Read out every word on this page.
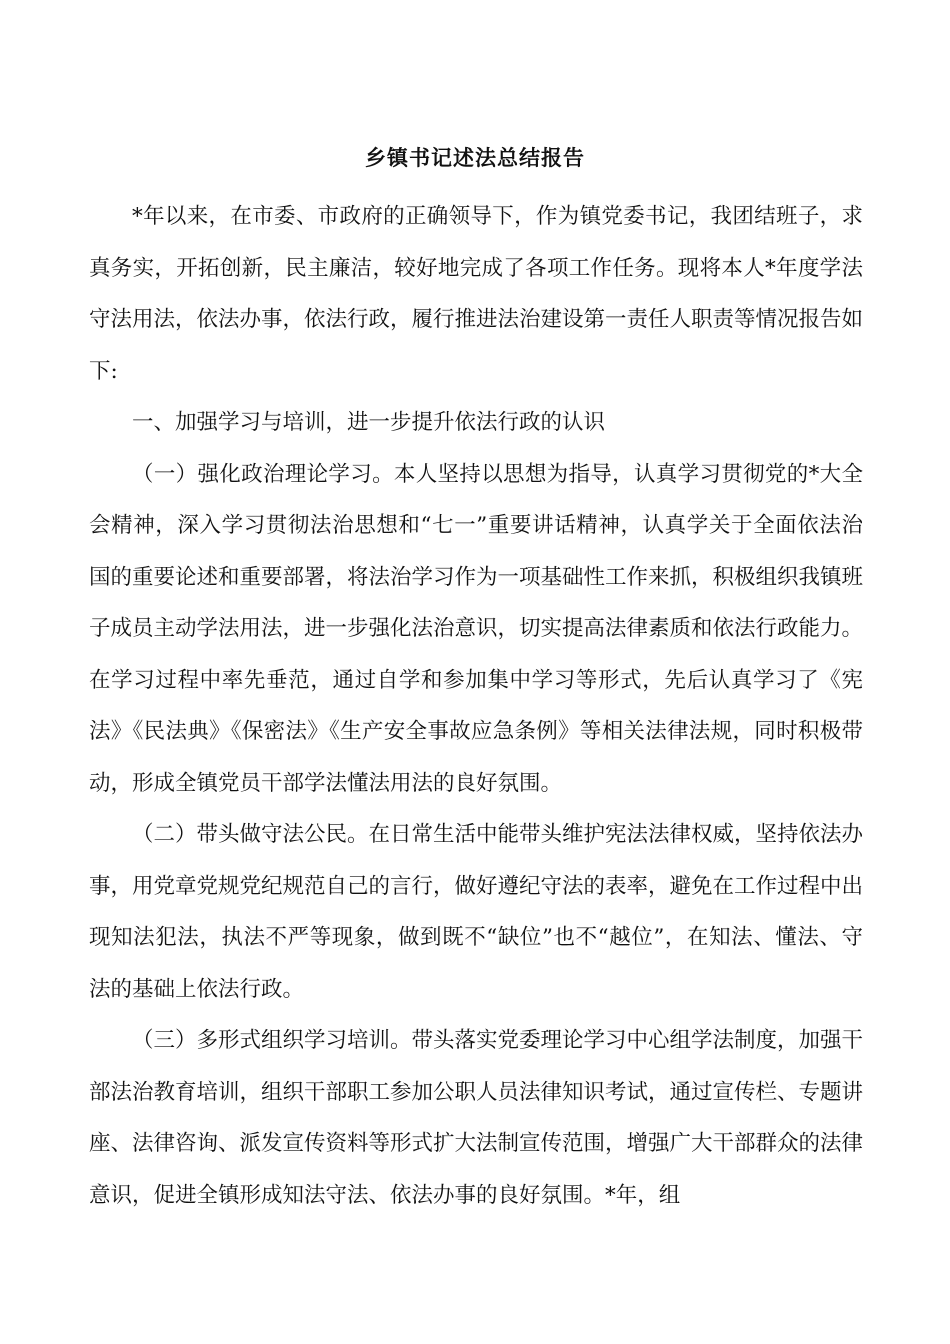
乡镇书记述法总结报告

*年以来，在市委、市政府的正确领导下，作为镇党委书记，我团结班子，求真务实，开拓创新，民主廉洁，较好地完成了各项工作任务。现将本人*年度学法守法用法，依法办事，依法行政，履行推进法治建设第一责任人职责等情况报告如下:

一、加强学习与培训，进一步提升依法行政的认识

（一）强化政治理论学习。本人坚持以思想为指导，认真学习贯彻党的*大全会精神，深入学习贯彻法治思想和“七一”重要讲话精神，认真学关于全面依法治国的重要论述和重要部署，将法治学习作为一项基础性工作来抓，积极组织我镇班子成员主动学法用法，进一步强化法治意识，切实提高法律素质和依法行政能力。在学习过程中率先垂范，通过自学和参加集中学习等形式，先后认真学习了《宪法》《民法典》《保密法》《生产安全事故应急条例》等相关法律法规，同时积极带动，形成全镇党员干部学法懂法用法的良好氛围。

（二）带头做守法公民。在日常生活中能带头维护宪法法律权威，坚持依法办事，用党章党规党纪规范自己的言行，做好遵纪守法的表率，避免在工作过程中出现知法犯法，执法不严等现象，做到既不“缺位”也不“越位”，在知法、懂法、守法的基础上依法行政。

（三）多形式组织学习培训。带头落实党委理论学习中心组学法制度，加强干部法治教育培训，组织干部职工参加公职人员法律知识考试，通过宣传栏、专题讲座、法律咨询、派发宣传资料等形式扩大法制宣传范围，增强广大干部群众的法律意识，促进全镇形成知法守法、依法办事的良好氛围。*年，组
